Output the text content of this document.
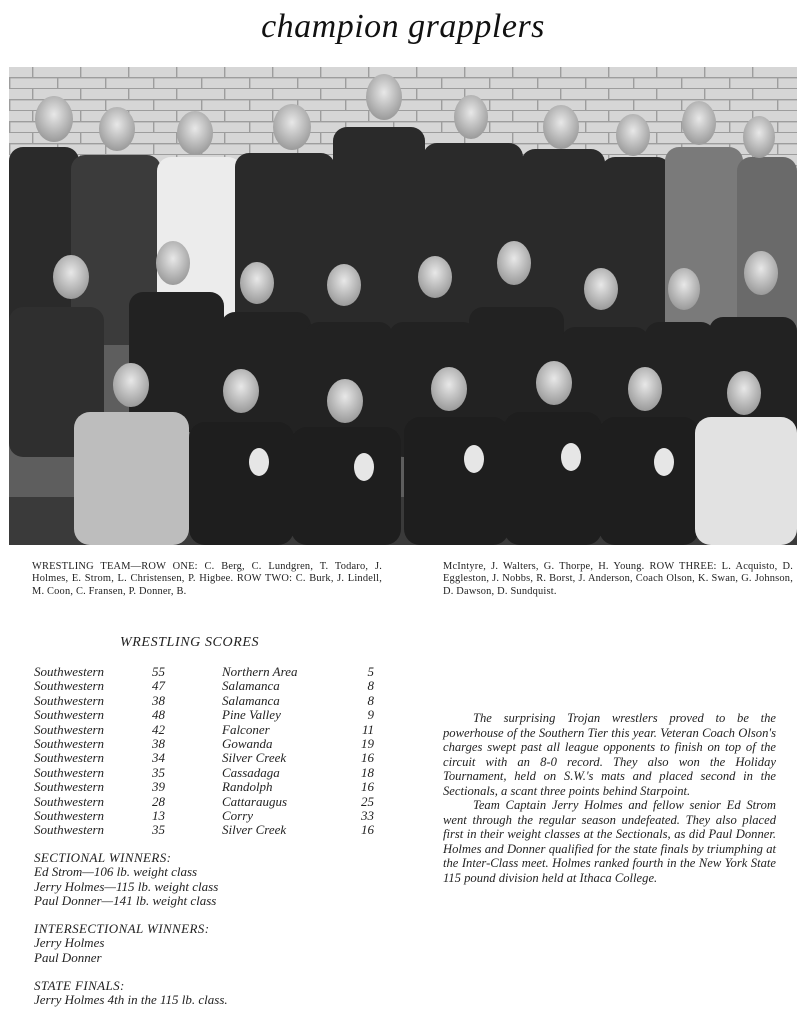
champion grapplers
WRESTLING TEAM—ROW ONE: C. Berg, C. Lundgren, T. Todaro, J. Holmes, E. Strom, L. Christensen, P. Higbee. ROW TWO: C. Burk, J. Lindell, M. Coon, C. Fransen, P. Donner, B.
McIntyre, J. Walters, G. Thorpe, H. Young. ROW THREE: L. Acquisto, D. Eggleston, J. Nobbs, R. Borst, J. Anderson, Coach Olson, K. Swan, G. Johnson, D. Dawson, D. Sundquist.
WRESTLING SCORES
Southwestern	55	Northern Area	5
Southwestern	47	Salamanca	8
Southwestern	38	Salamanca	8
Southwestern	48	Pine Valley	9
Southwestern	42	Falconer	11
Southwestern	38	Gowanda	19
Southwestern	34	Silver Creek	16
Southwestern	35	Cassadaga	18
Southwestern	39	Randolph	16
Southwestern	28	Cattaraugus	25
Southwestern	13	Corry	33
Southwestern	35	Silver Creek	16
SECTIONAL WINNERS:
Ed Strom—106 lb. weight class
Jerry Holmes—115 lb. weight class
Paul Donner—141 lb. weight class
INTERSECTIONAL WINNERS:
Jerry Holmes
Paul Donner
STATE FINALS:
Jerry Holmes 4th in the 115 lb. class.

The surprising Trojan wrestlers proved to be the powerhouse of the Southern Tier this year. Veteran Coach Olson's charges swept past all league opponents to finish on top of the circuit with an 8-0 record. They also won the Holiday Tournament, held on S.W.'s mats and placed second in the Sectionals, a scant three points behind Starpoint.

Team Captain Jerry Holmes and fellow senior Ed Strom went through the regular season undefeated. They also placed first in their weight classes at the Sectionals, as did Paul Donner. Holmes and Donner qualified for the state finals by triumphing at the Inter-Class meet. Holmes ranked fourth in the New York State 115 pound division held at Ithaca College.
